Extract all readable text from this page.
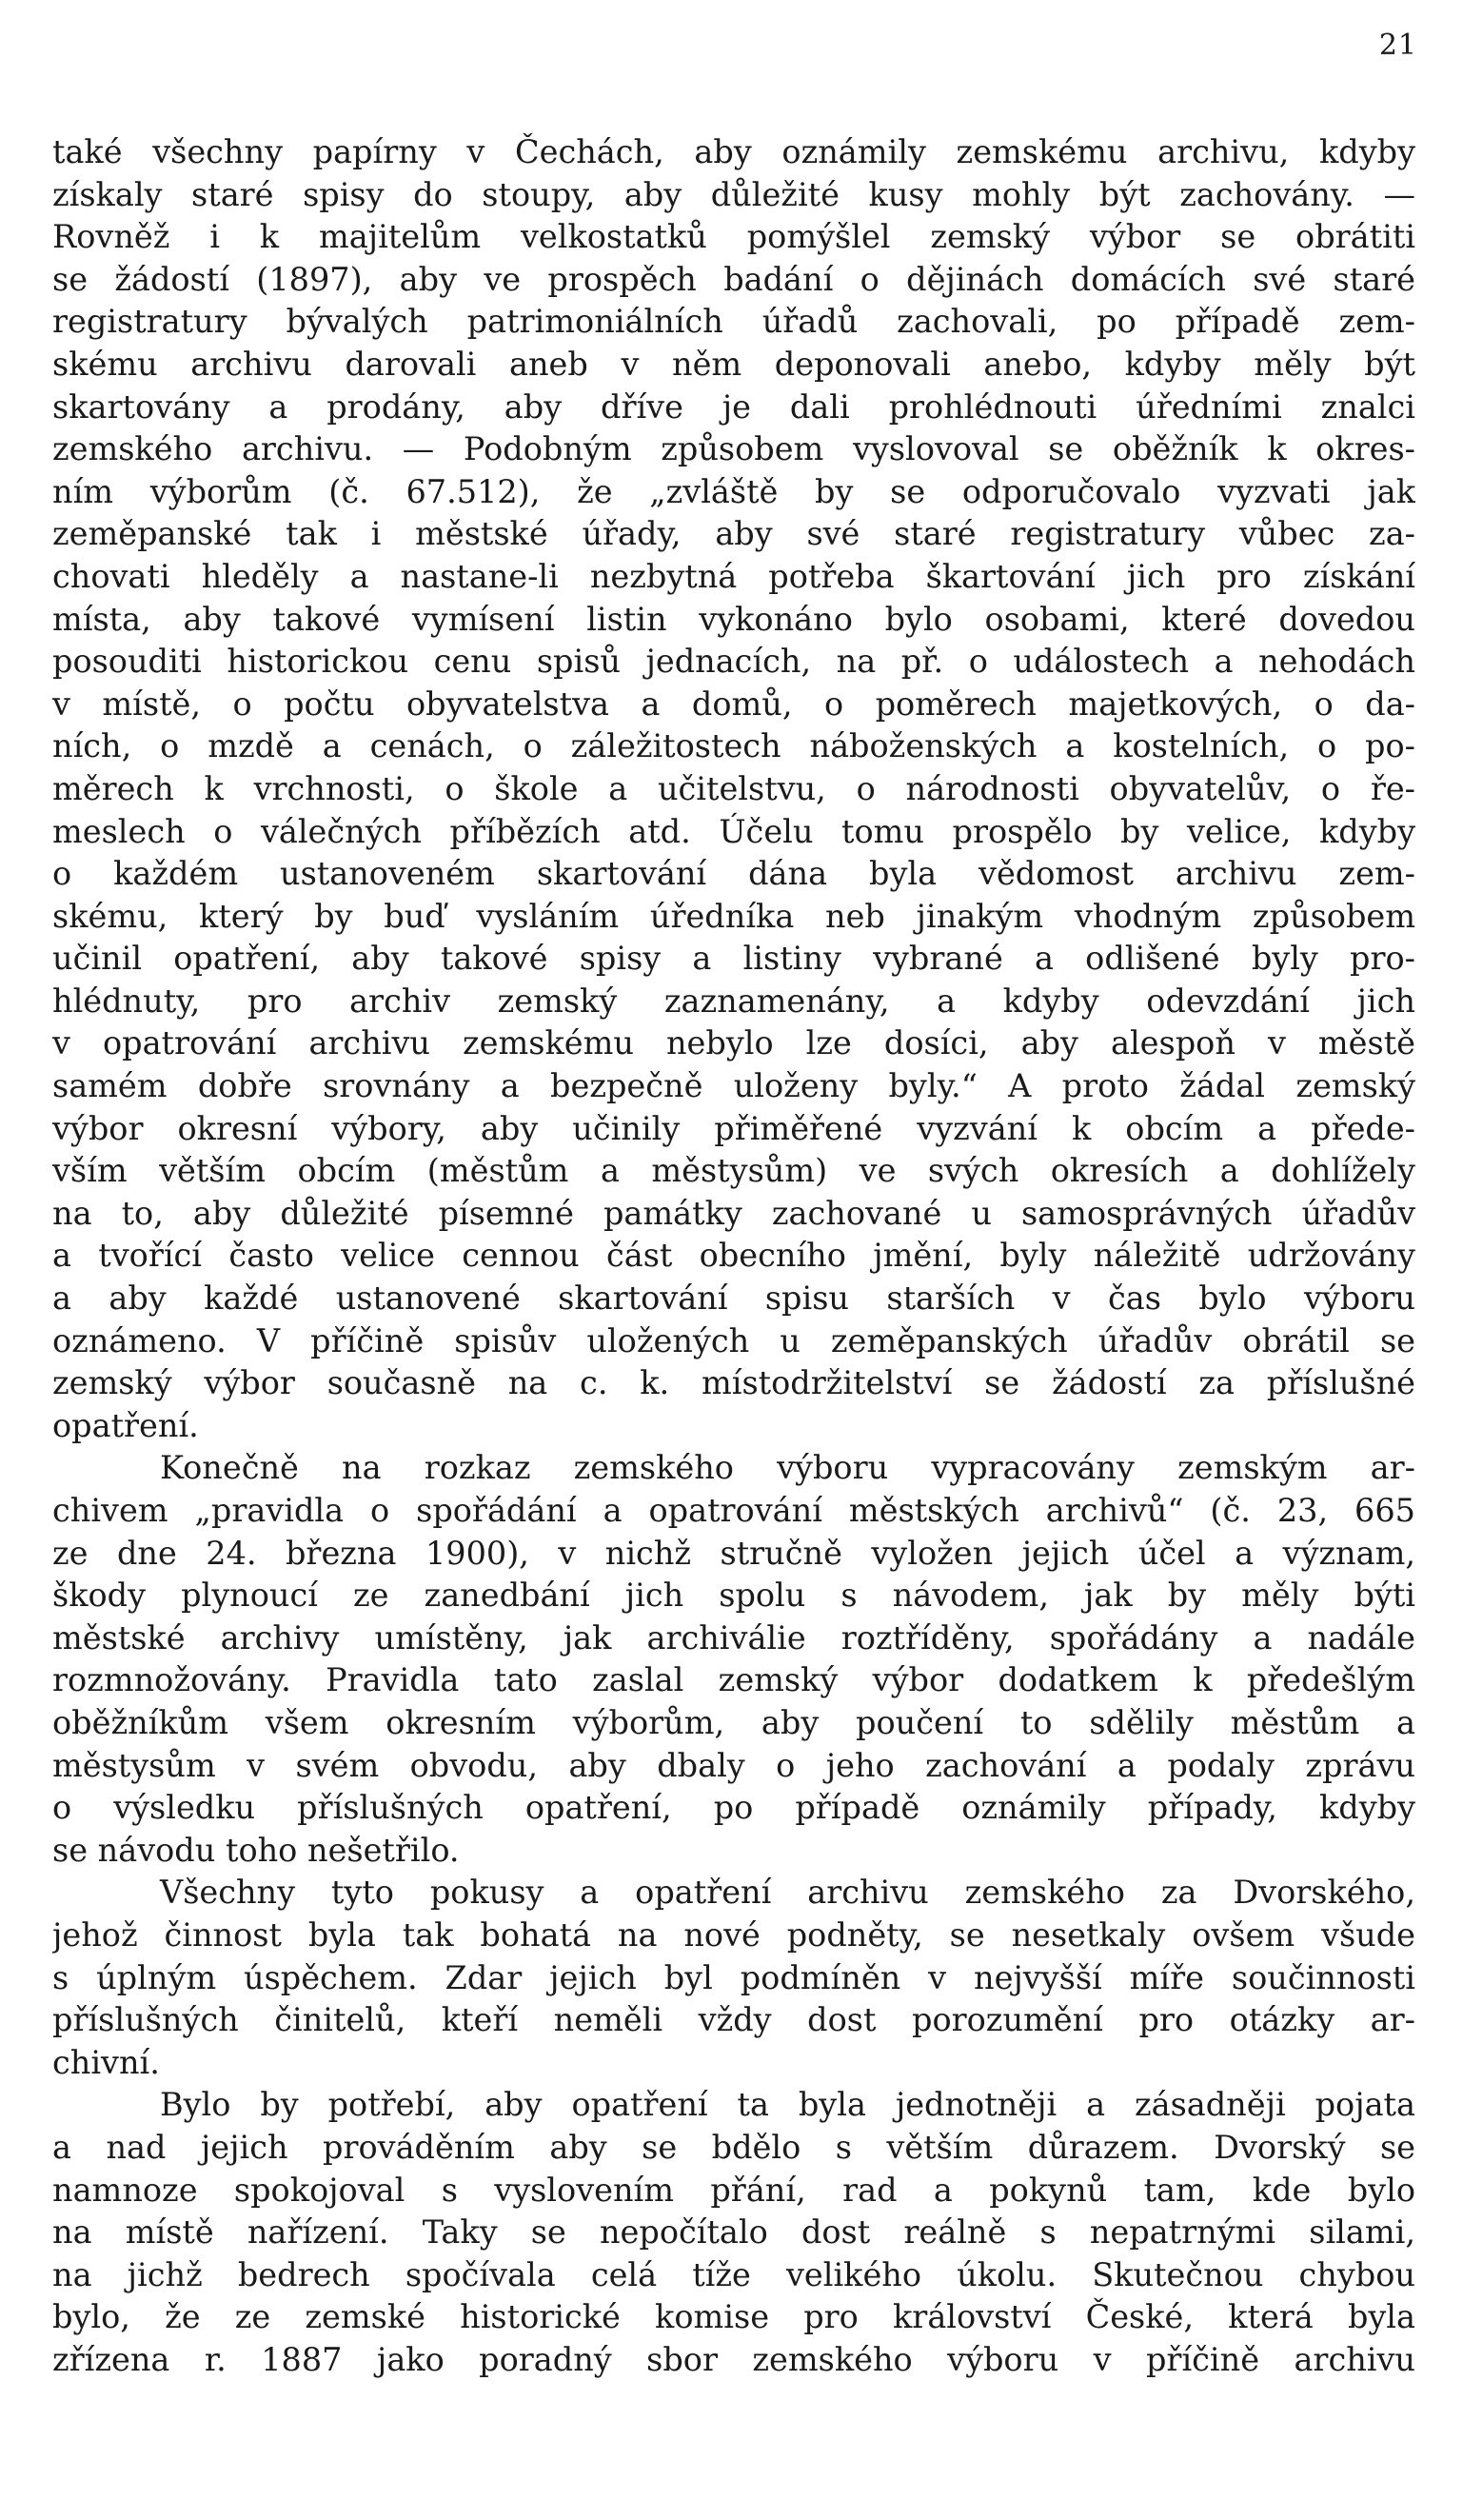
21
také všechny papírny v Čechách, aby oznámily zemskému archivu, kdyby
získaly staré spisy do stoupy, aby důležité kusy mohly být zachovány. —
Rovněž i k majitelům velkostatků pomýšlel zemský výbor se obrátiti
se žádostí (1897), aby ve prospěch badání o dějinách domácích své staré
registratury bývalých patrimoniálních úřadů zachovali, po případě zem-
skému archivu darovali aneb v něm deponovali anebo, kdyby měly být
skartovány a prodány, aby dříve je dali prohlédnouti úředními znalci
zemského archivu. — Podobným způsobem vyslovoval se oběžník k okres-
ním výborům (č. 67.512), že „zvláště by se odporučovalo vyzvati jak
zeměpanské tak i městské úřady, aby své staré registratury vůbec za-
chovati hleděly a nastane-li nezbytná potřeba škartování jich pro získání
místa, aby takové vymísení listin vykonáno bylo osobami, které dovedou
posouditi historickou cenu spisů jednacích, na př. o událostech a nehodách
v místě, o počtu obyvatelstva a domů, o poměrech majetkových, o da-
ních, o mzdě a cenách, o záležitostech náboženských a kostelních, o po-
měrech k vrchnosti, o škole a učitelstvu, o národnosti obyvatelův, o ře-
meslech o válečných příbězích atd. Účelu tomu prospělo by velice, kdyby
o každém ustanoveném skartování dána byla vědomost archivu zem-
skému, který by buď vysláním úředníka neb jinakým vhodným způsobem
učinil opatření, aby takové spisy a listiny vybrané a odlišené byly pro-
hlédnuty, pro archiv zemský zaznamenány, a kdyby odevzdání jich
v opatrování archivu zemskému nebylo lze dosíci, aby alespoň v městě
samém dobře srovnány a bezpečně uloženy byly.“ A proto žádal zemský
výbor okresní výbory, aby učinily přiměřené vyzvání k obcím a přede-
vším větším obcím (městům a městysům) ve svých okresích a dohlížely
na to, aby důležité písemné památky zachované u samosprávných úřadův
a tvořící často velice cennou část obecního jmění, byly náležitě udržovány
a aby každé ustanovené skartování spisu starších v čas bylo výboru
oznámeno. V příčině spisův uložených u zeměpanských úřadův obrátil se
zemský výbor současně na c. k. místodržitelství se žádostí za příslušné
opatření.
Konečně na rozkaz zemského výboru vypracovány zemským ar-
chivem „pravidla o spořádání a opatrování městských archivů“ (č. 23, 665
ze dne 24. března 1900), v nichž stručně vyložen jejich účel a význam,
škody plynoucí ze zanedbání jich spolu s návodem, jak by měly býti
městské archivy umístěny, jak archiválie roztříděny, spořádány a nadále
rozmnožovány. Pravidla tato zaslal zemský výbor dodatkem k předešlým
oběžníkům všem okresním výborům, aby poučení to sdělily městům a
městysům v svém obvodu, aby dbaly o jeho zachování a podaly zprávu
o výsledku příslušných opatření, po případě oznámily případy, kdyby
se návodu toho nešetřilo.
Všechny tyto pokusy a opatření archivu zemského za Dvorského,
jehož činnost byla tak bohatá na nové podněty, se nesetkaly ovšem všude
s úplným úspěchem. Zdar jejich byl podmíněn v nejvyšší míře součinnosti
příslušných činitelů, kteří neměli vždy dost porozumění pro otázky ar-
chivní.
Bylo by potřebí, aby opatření ta byla jednotněji a zásadněji pojata
a nad jejich prováděním aby se bdělo s větším důrazem. Dvorský se
namnoze spokojoval s vyslovením přání, rad a pokynů tam, kde bylo
na místě nařízení. Taky se nepočítalo dost reálně s nepatrnými silami,
na jichž bedrech spočívala celá tíže velikého úkolu. Skutečnou chybou
bylo, že ze zemské historické komise pro království České, která byla
zřízena r. 1887 jako poradný sbor zemského výboru v příčině archivu
